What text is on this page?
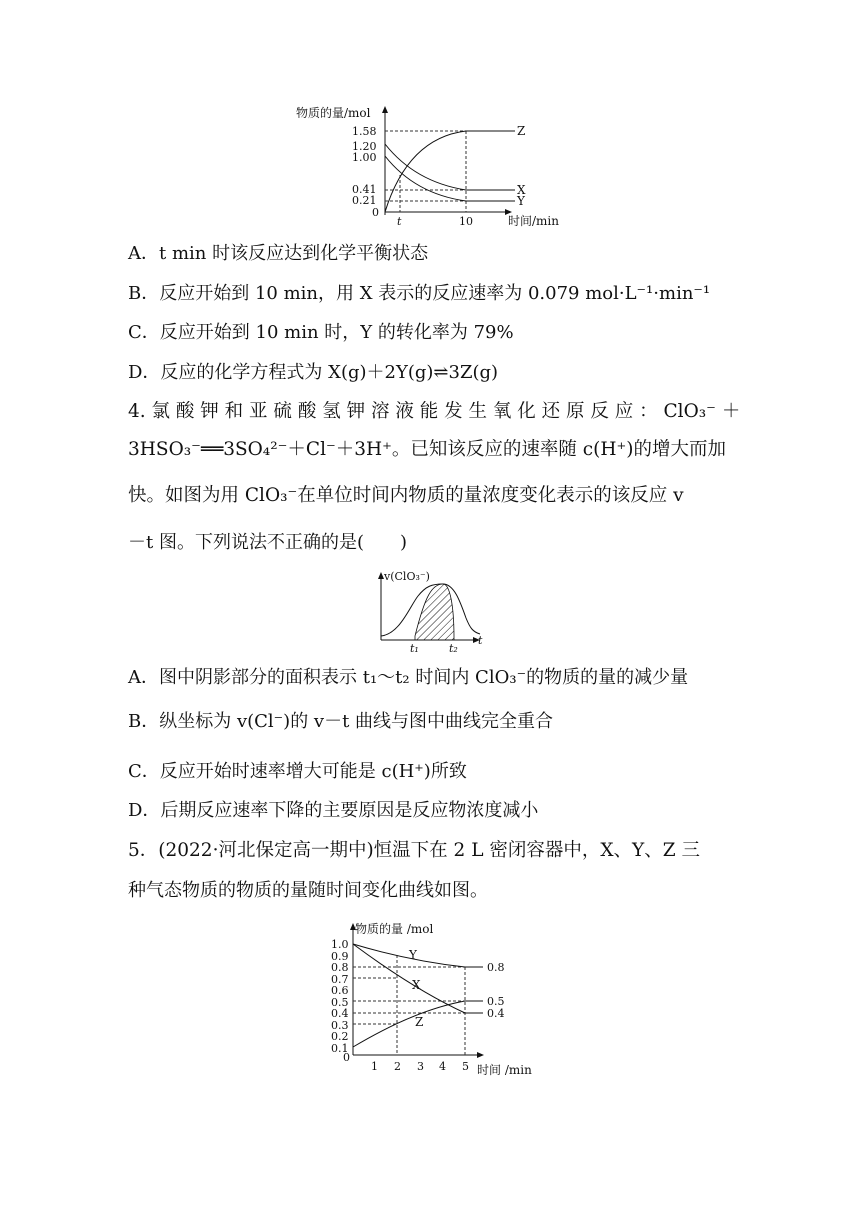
物质的量/mol
时间/min
1.58
1.20
1.00
0.41
0.21
0
t	10
Z
X
Y
A．t min 时该反应达到化学平衡状态
B．反应开始到 10 min，用 X 表示的反应速率为 0.079 mol·L⁻¹·min⁻¹
C．反应开始到 10 min 时，Y 的转化率为 79%
D．反应的化学方程式为 X(g)＋2Y(g)⇌3Z(g)
4. 氯 酸 钾 和 亚 硫 酸 氢 钾 溶 液 能 发 生 氧 化 还 原 反 应 ： ClO₃⁻ ＋
3HSO₃⁻══3SO₄²⁻＋Cl⁻＋3H⁺。已知该反应的速率随 c(H⁺)的增大而加
快。如图为用 ClO₃⁻在单位时间内物质的量浓度变化表示的该反应 v
－t 图。下列说法不正确的是(　　)
v(ClO₃⁻)
t
t₁	t₂
A．图中阴影部分的面积表示 t₁～t₂ 时间内 ClO₃⁻的物质的量的减少量
B．纵坐标为 v(Cl⁻)的 v－t 曲线与图中曲线完全重合
C．反应开始时速率增大可能是 c(H⁺)所致
D．后期反应速率下降的主要原因是反应物浓度减小
5．(2022·河北保定高一期中)恒温下在 2 L 密闭容器中，X、Y、Z 三
种气态物质的物质的量随时间变化曲线如图。
物质的量 /mol
时间 /min
1.0
0.9
0.8
0.7
0.6
0.5
0.4
0.3
0.2
0.1
0
Y
X
Z
0.8
0.5
0.4
1 2 3 4 5
